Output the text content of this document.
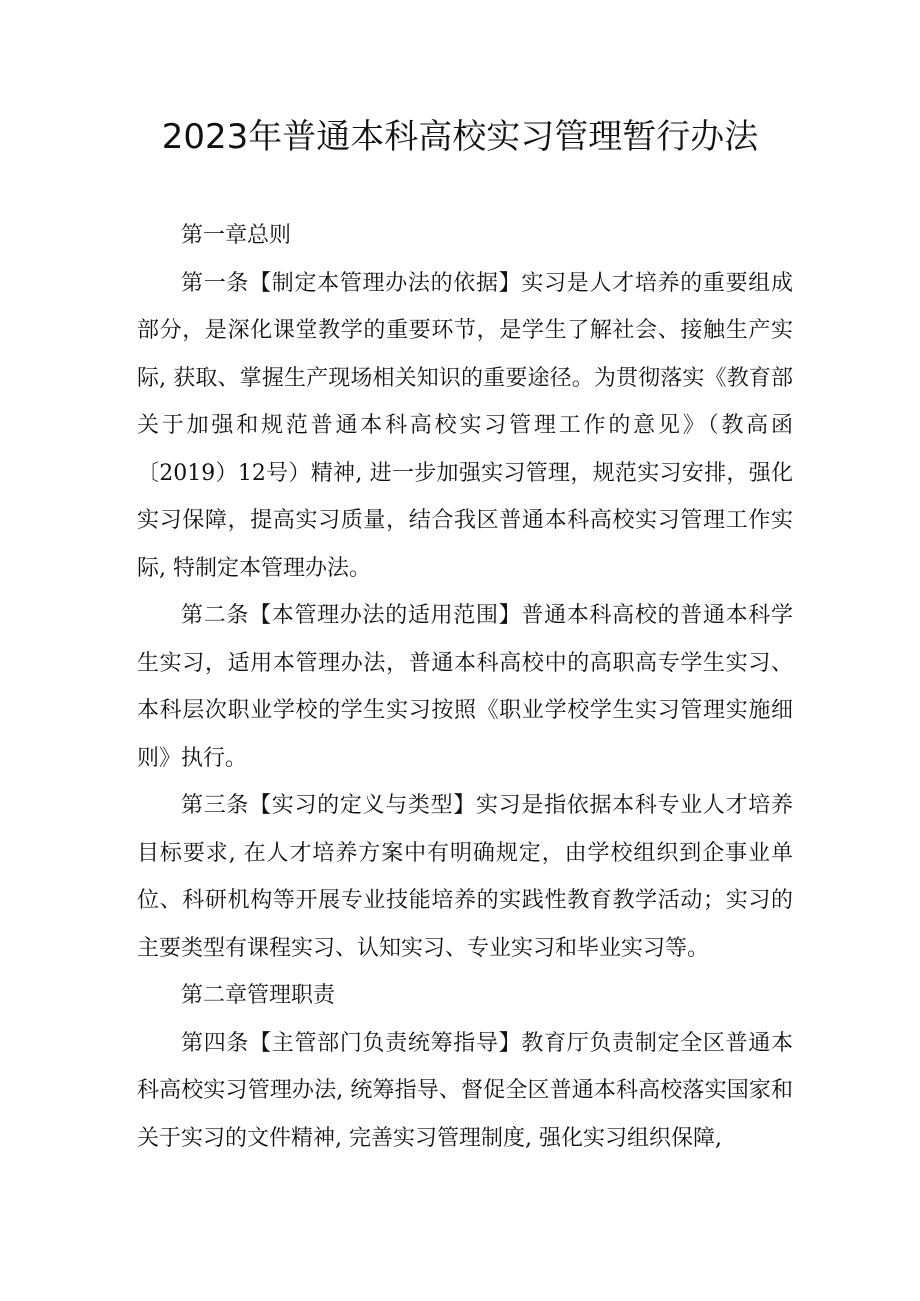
2023年普通本科高校实习管理暂行办法

第一章总则

第一条【制定本管理办法的依据】实习是人才培养的重要组成部分，是深化课堂教学的重要环节，是学生了解社会、接触生产实际, 获取、掌握生产现场相关知识的重要途径。为贯彻落实《教育部关于加强和规范普通本科高校实习管理工作的意见》（教高函〔2019）12号）精神, 进一步加强实习管理，规范实习安排，强化实习保障，提高实习质量，结合我区普通本科高校实习管理工作实际, 特制定本管理办法。

第二条【本管理办法的适用范围】普通本科高校的普通本科学生实习，适用本管理办法，普通本科高校中的高职高专学生实习、本科层次职业学校的学生实习按照《职业学校学生实习管理实施细则》执行。

第三条【实习的定义与类型】实习是指依据本科专业人才培养目标要求, 在人才培养方案中有明确规定，由学校组织到企事业单位、科研机构等开展专业技能培养的实践性教育教学活动；实习的主要类型有课程实习、认知实习、专业实习和毕业实习等。

第二章管理职责

第四条【主管部门负责统筹指导】教育厅负责制定全区普通本科高校实习管理办法, 统筹指导、督促全区普通本科高校落实国家和关于实习的文件精神, 完善实习管理制度, 强化实习组织保障,
